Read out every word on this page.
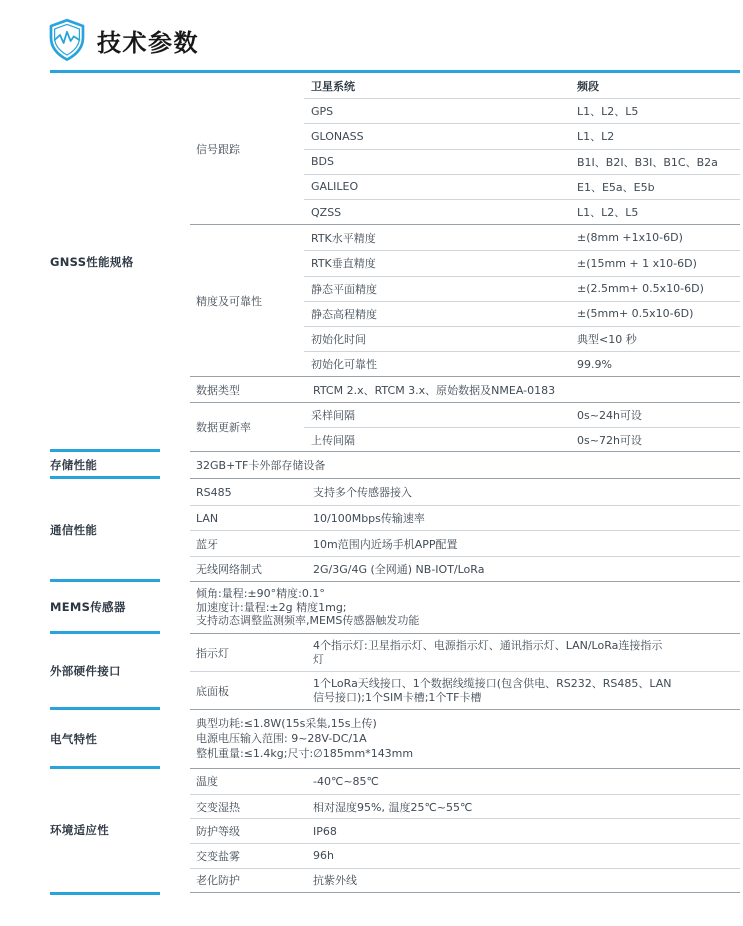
技术参数
GNSS性能规格
信号跟踪
卫星系统	频段
GPS	L1、L2、L5
GLONASS	L1、L2
BDS	B1I、B2I、B3I、B1C、B2a
GALILEO	E1、E5a、E5b
QZSS	L1、L2、L5
精度及可靠性
RTK水平精度	±(8mm +1x10-6D)
RTK垂直精度	±(15mm + 1 x10-6D)
静态平面精度	±(2.5mm+ 0.5x10-6D)
静态高程精度	±(5mm+ 0.5x10-6D)
初始化时间	典型<10 秒
初始化可靠性	99.9%
数据类型	RTCM 2.x、RTCM 3.x、原始数据及NMEA-0183
数据更新率
采样间隔	0s~24h可设
上传间隔	0s~72h可设
存储性能	32GB+TF卡外部存储设备
通信性能
RS485	支持多个传感器接入
LAN	10/100Mbps传输速率
蓝牙	10m范围内近场手机APP配置
无线网络制式	2G/3G/4G (全网通) NB-IOT/LoRa
MEMS传感器
倾角:量程:±90°精度:0.1°
加速度计:量程:±2g 精度1mg;
支持动态调整监测频率,MEMS传感器触发功能
外部硬件接口
指示灯
4个指示灯:卫星指示灯、电源指示灯、通讯指示灯、LAN/LoRa连接指示灯
底面板
1个LoRa天线接口、1个数据线缆接口(包含供电、RS232、RS485、LAN信号接口);1个SIM卡槽;1个TF卡槽
电气特性
典型功耗:≤1.8W(15s采集,15s上传)
电源电压输入范围: 9~28V-DC/1A
整机重量:≤1.4kg;尺寸:∅185mm*143mm
环境适应性
温度	-40℃~85℃
交变湿热	相对湿度95%, 温度25℃~55℃
防护等级	IP68
交变盐雾	96h
老化防护	抗紫外线
